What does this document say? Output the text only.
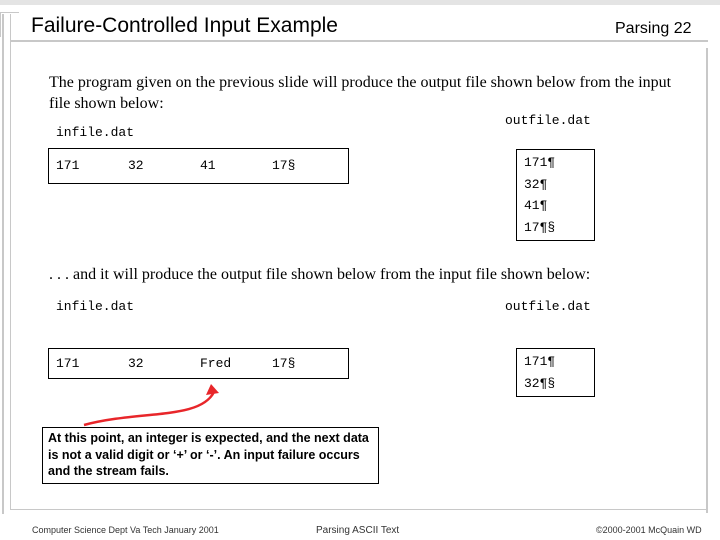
Failure-Controlled Input Example	Parsing 22
The program given on the previous slide will produce the output file shown below from the input file shown below:
infile.dat
outfile.dat
171	32	41	17§	171¶
32¶
41¶
17¶§
. . . and it will produce the output file shown below from the input file shown below:
infile.dat	outfile.dat
171	32	Fred	17§	171¶
32¶§
At this point, an integer is expected, and the next data is not a valid digit or ‘+’ or ‘-’. An input failure occurs and the stream fails.
Computer Science Dept Va Tech January 2001	Parsing ASCII Text	©2000-2001 McQuain WD
